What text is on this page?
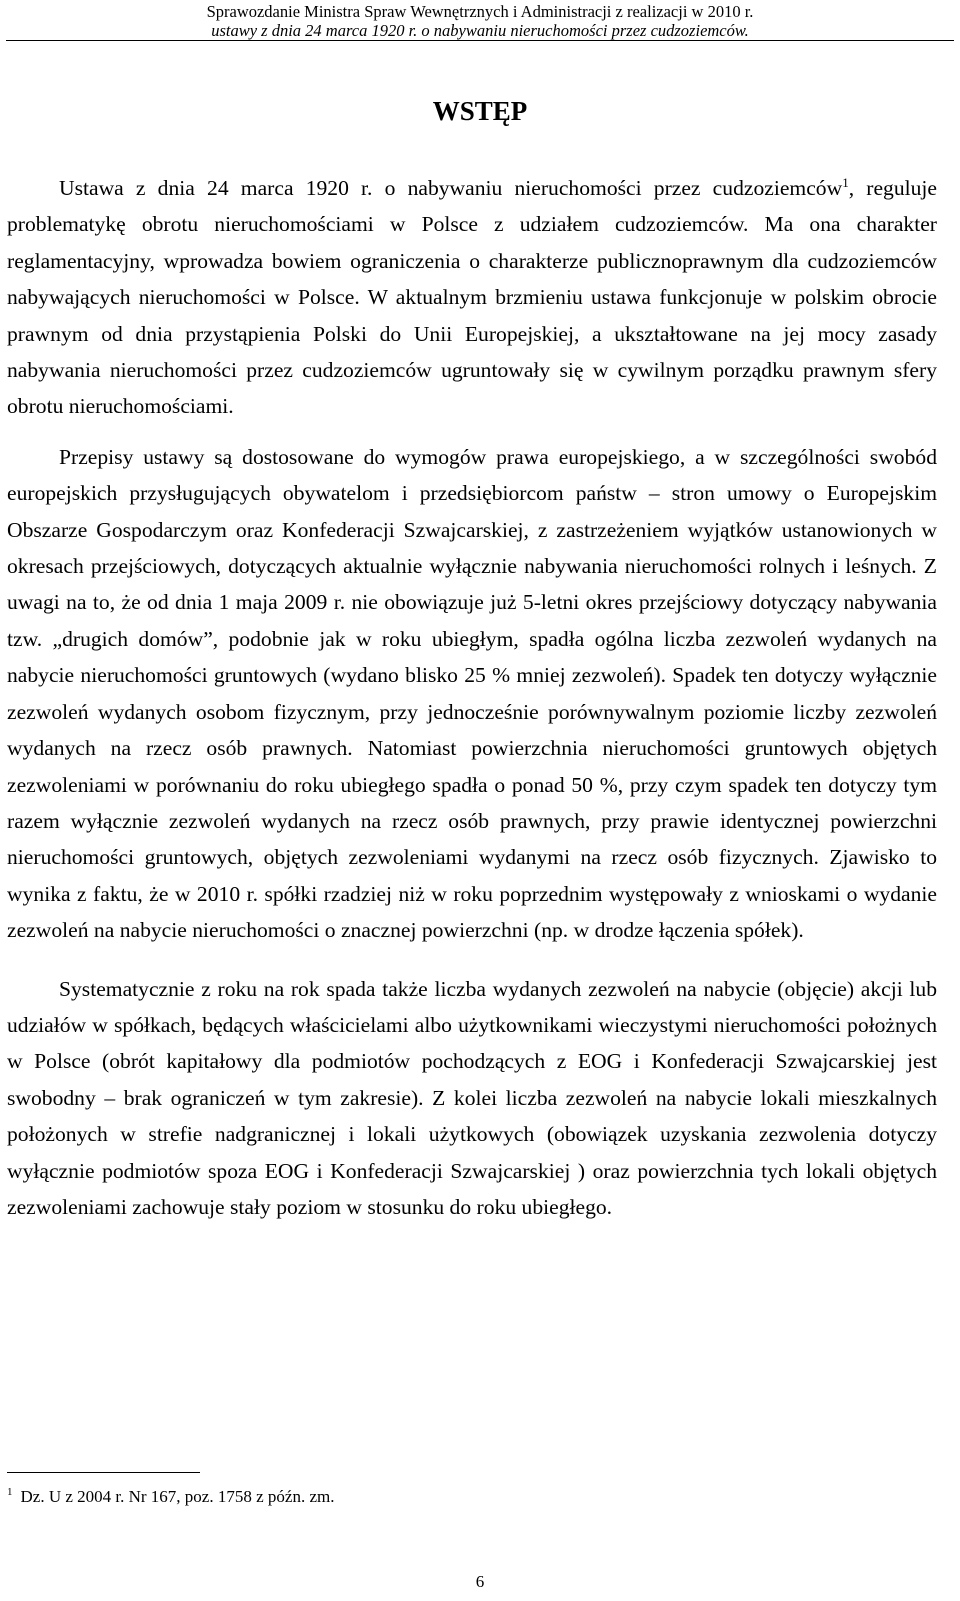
Sprawozdanie Ministra Spraw Wewnętrznych i Administracji z realizacji w 2010 r.
ustawy z dnia 24 marca 1920 r. o nabywaniu nieruchomości przez cudzoziemców.
WSTĘP

Ustawa z dnia 24 marca 1920 r. o nabywaniu nieruchomości przez cudzoziemców$^1$, reguluje problematykę obrotu nieruchomościami w Polsce z udziałem cudzoziemców. Ma ona charakter reglamentacyjny, wprowadza bowiem ograniczenia o charakterze publicznoprawnym dla cudzoziemców nabywających nieruchomości w Polsce. W aktualnym brzmieniu ustawa funkcjonuje w polskim obrocie prawnym od dnia przystąpienia Polski do Unii Europejskiej, a ukształtowane na jej mocy zasady nabywania nieruchomości przez cudzoziemców ugruntowały się w cywilnym porządku prawnym sfery obrotu nieruchomościami.

Przepisy ustawy są dostosowane do wymogów prawa europejskiego, a w szczególności swobód europejskich przysługujących obywatelom i przedsiębiorcom państw – stron umowy o Europejskim Obszarze Gospodarczym oraz Konfederacji Szwajcarskiej, z zastrzeżeniem wyjątków ustanowionych w okresach przejściowych, dotyczących aktualnie wyłącznie nabywania nieruchomości rolnych i leśnych. Z uwagi na to, że od dnia 1 maja 2009 r. nie obowiązuje już 5-letni okres przejściowy dotyczący nabywania tzw. „drugich domów”, podobnie jak w roku ubiegłym, spadła ogólna liczba zezwoleń wydanych na nabycie nieruchomości gruntowych (wydano blisko 25 % mniej zezwoleń). Spadek ten dotyczy wyłącznie zezwoleń wydanych osobom fizycznym, przy jednocześnie porównywalnym poziomie liczby zezwoleń wydanych na rzecz osób prawnych. Natomiast powierzchnia nieruchomości gruntowych objętych zezwoleniami w porównaniu do roku ubiegłego spadła o ponad 50 %, przy czym spadek ten dotyczy tym razem wyłącznie zezwoleń wydanych na rzecz osób prawnych, przy prawie identycznej powierzchni nieruchomości gruntowych, objętych zezwoleniami wydanymi na rzecz osób fizycznych. Zjawisko to wynika z faktu, że w 2010 r. spółki rzadziej niż w roku poprzednim występowały z wnioskami o wydanie zezwoleń na nabycie nieruchomości o znacznej powierzchni (np. w drodze łączenia spółek).

Systematycznie z roku na rok spada także liczba wydanych zezwoleń na nabycie (objęcie) akcji lub udziałów w spółkach, będących właścicielami albo użytkownikami wieczystymi nieruchomości położnych w Polsce (obrót kapitałowy dla podmiotów pochodzących z EOG i Konfederacji Szwajcarskiej jest swobodny – brak ograniczeń w tym zakresie). Z kolei liczba zezwoleń na nabycie lokali mieszkalnych położonych w strefie nadgranicznej i lokali użytkowych (obowiązek uzyskania zezwolenia dotyczy wyłącznie podmiotów spoza EOG i Konfederacji Szwajcarskiej ) oraz powierzchnia tych lokali objętych zezwoleniami zachowuje stały poziom w stosunku do roku ubiegłego.

$^1$ Dz. U z 2004 r. Nr 167, poz. 1758 z późn. zm.
6
